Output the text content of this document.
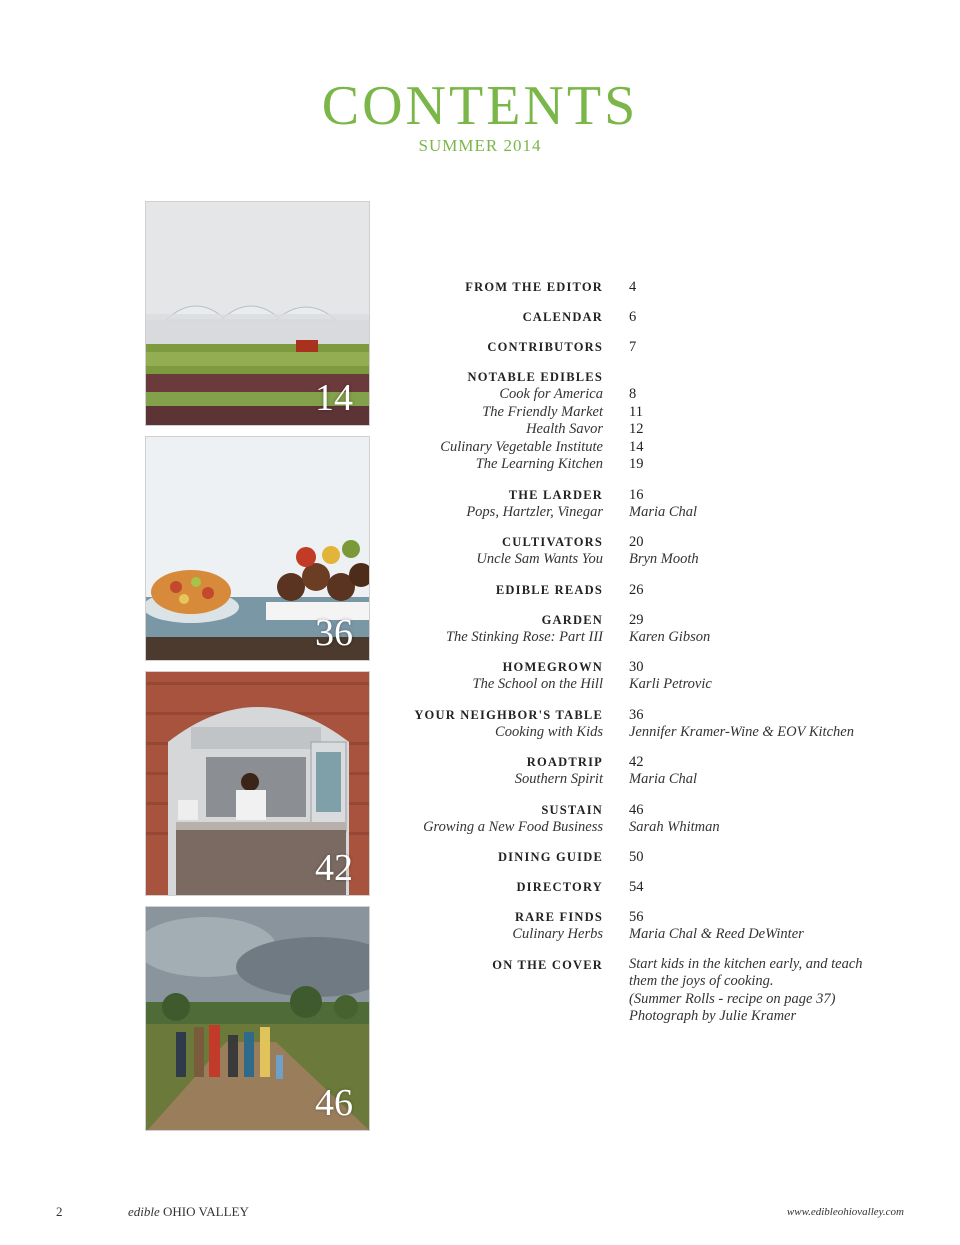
CONTENTS
SUMMER 2014
14
36
42
46
FROM THE EDITOR 4
CALENDAR 6
CONTRIBUTORS 7
NOTABLE EDIBLES
Cook for America
The Friendly Market
Health Savor
Culinary Vegetable Institute
The Learning Kitchen
8
11
12
14
19
THE LARDER
Pops, Hartzler, Vinegar
16
Maria Chal
CULTIVATORS
Uncle Sam Wants You
20
Bryn Mooth
EDIBLE READS 26
GARDEN
The Stinking Rose: Part III
29
Karen Gibson
HOMEGROWN
The School on the Hill
30
Karli Petrovic
YOUR NEIGHBOR'S TABLE
Cooking with Kids
36
Jennifer Kramer-Wine & EOV Kitchen
ROADTRIP
Southern Spirit
42
Maria Chal
SUSTAIN
Growing a New Food Business
46
Sarah Whitman
DINING GUIDE 50
DIRECTORY 54
RARE FINDS
Culinary Herbs
56
Maria Chal & Reed DeWinter
ON THE COVER Start kids in the kitchen early, and teach
them the joys of cooking.
(Summer Rolls - recipe on page 37)
Photograph by Julie Kramer
2	edible OHIO VALLEY	www.edibleohiovalley.com
